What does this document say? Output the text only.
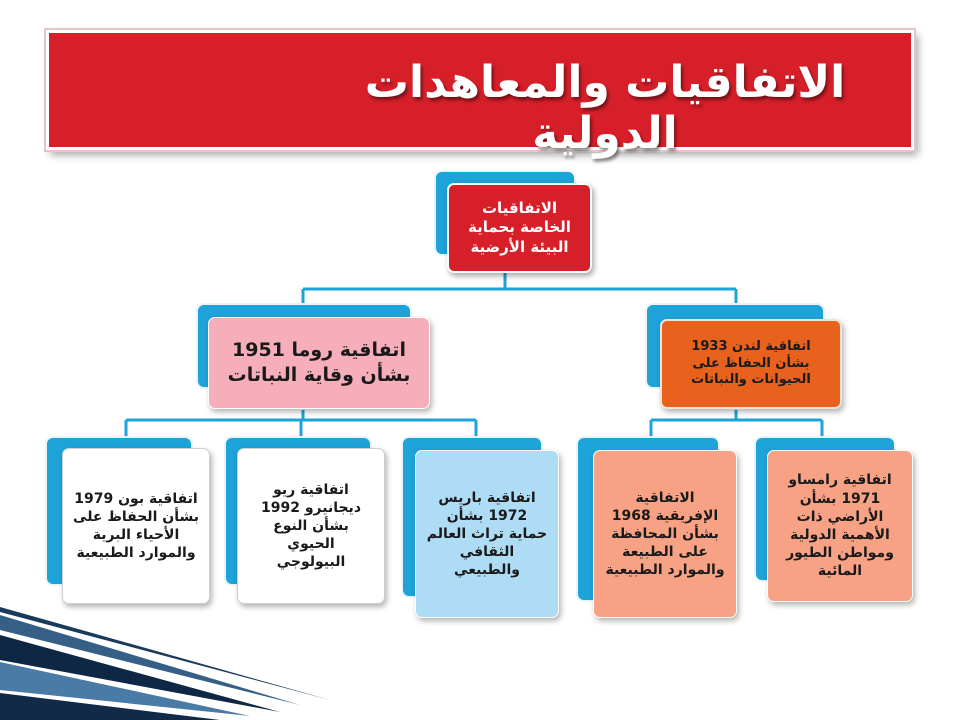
الاتفاقيات والمعاهدات الدولية
الاتفاقيات الخاصة بحماية البيئة الأرضية
اتفاقية روما 1951 بشأن وقاية النباتات
اتفاقية لندن 1933 بشأن الحفاظ على الحيوانات والنباتات
اتفاقية بون 1979 بشأن الحفاظ على الأحياء البرية والموارد الطبيعية
اتفاقية ريو ديجانيرو 1992 بشأن النوع الحيوي البيولوجي
اتفاقية باريس 1972 بشأن حماية تراث العالم الثقافي والطبيعي
الاتفاقية الإفريقية 1968 بشأن المحافظة على الطبيعة والموارد الطبيعية
اتفاقية رامساو 1971 بشأن الأراضي ذات الأهمية الدولية ومواطن الطيور المائية
